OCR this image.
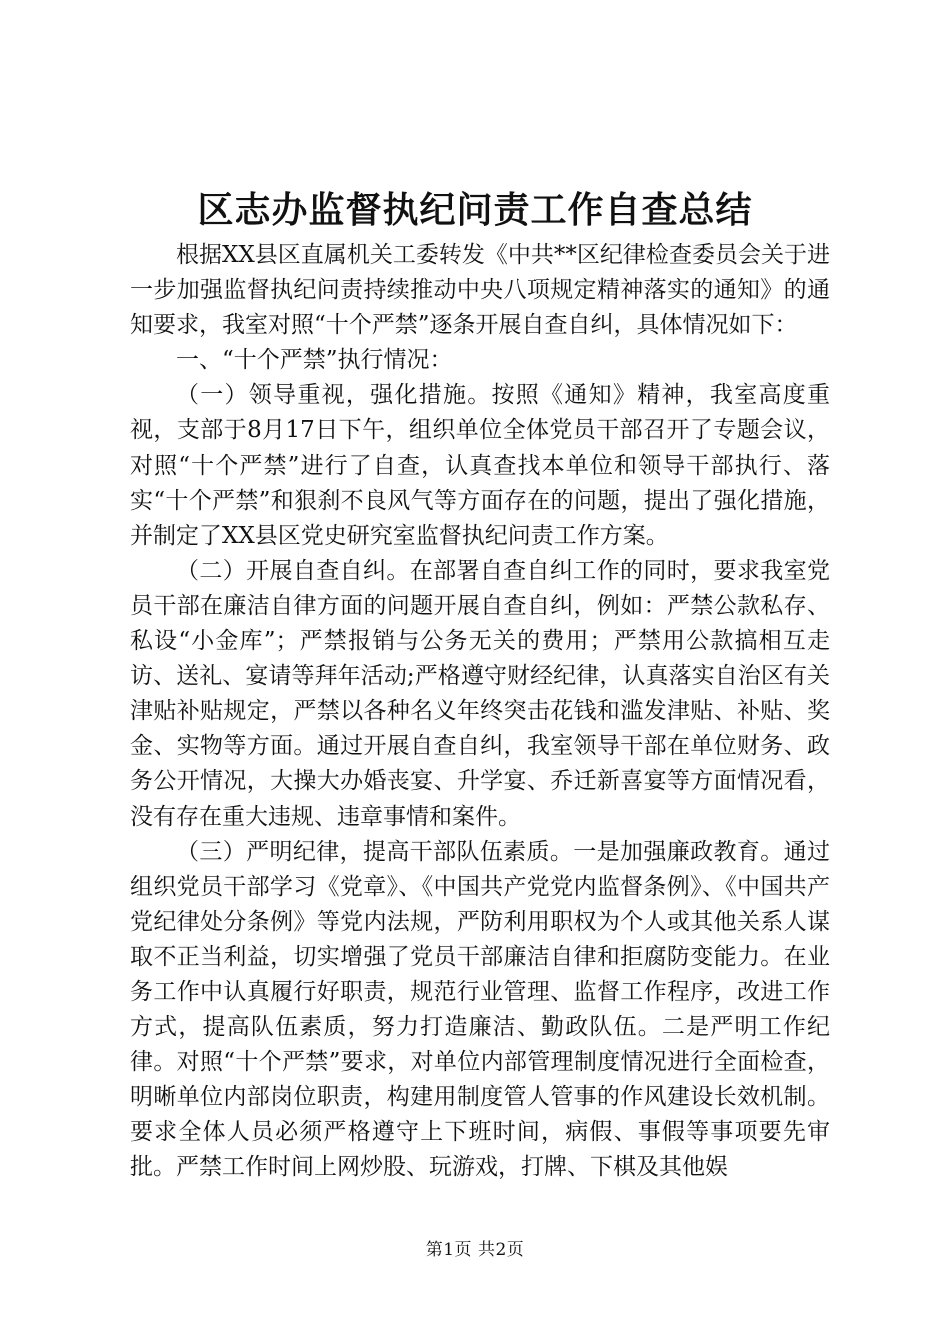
区志办监督执纪问责工作自查总结

根据XX县区直属机关工委转发《中共**区纪律检查委员会关于进一步加强监督执纪问责持续推动中央八项规定精神落实的通知》的通知要求，我室对照“十个严禁”逐条开展自查自纠，具体情况如下：

一、“十个严禁”执行情况：

（一）领导重视，强化措施。按照《通知》精神，我室高度重视，支部于8月17日下午，组织单位全体党员干部召开了专题会议，对照“十个严禁”进行了自查，认真查找本单位和领导干部执行、落实“十个严禁”和狠刹不良风气等方面存在的问题，提出了强化措施，并制定了XX县区党史研究室监督执纪问责工作方案。

（二）开展自查自纠。在部署自查自纠工作的同时，要求我室党员干部在廉洁自律方面的问题开展自查自纠，例如：严禁公款私存、私设“小金库”；严禁报销与公务无关的费用；严禁用公款搞相互走访、送礼、宴请等拜年活动;严格遵守财经纪律，认真落实自治区有关津贴补贴规定，严禁以各种名义年终突击花钱和滥发津贴、补贴、奖金、实物等方面。通过开展自查自纠，我室领导干部在单位财务、政务公开情况，大操大办婚丧宴、升学宴、乔迁新喜宴等方面情况看，没有存在重大违规、违章事情和案件。

（三）严明纪律，提高干部队伍素质。一是加强廉政教育。通过组织党员干部学习《党章》、《中国共产党党内监督条例》、《中国共产党纪律处分条例》等党内法规，严防利用职权为个人或其他关系人谋取不正当利益，切实增强了党员干部廉洁自律和拒腐防变能力。在业务工作中认真履行好职责，规范行业管理、监督工作程序，改进工作方式，提高队伍素质，努力打造廉洁、勤政队伍。二是严明工作纪律。对照“十个严禁”要求，对单位内部管理制度情况进行全面检查，明晰单位内部岗位职责，构建用制度管人管事的作风建设长效机制。要求全体人员必须严格遵守上下班时间，病假、事假等事项要先审批。严禁工作时间上网炒股、玩游戏，打牌、下棋及其他娱

第1页 共2页
